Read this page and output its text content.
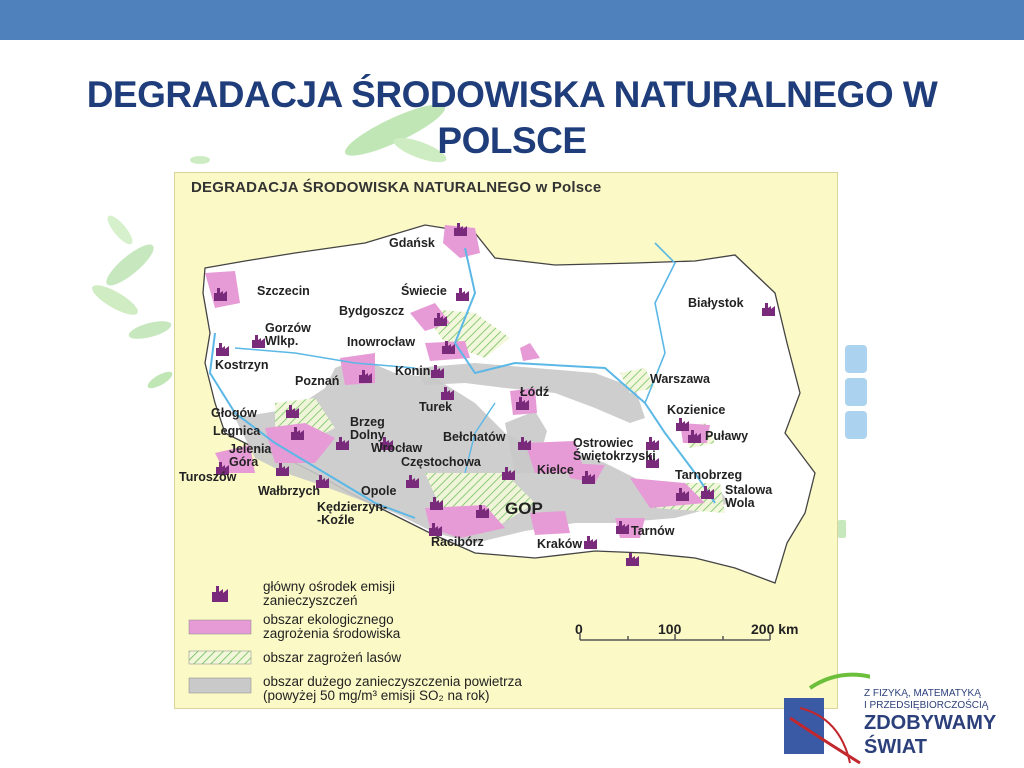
DEGRADACJA ŚRODOWISKA NATURALNEGO W
POLSCE
DEGRADACJA ŚRODOWISKA NATURALNEGO w Polsce
Gdańsk
Szczecin	Świecie
Bydgoszcz
Białystok
Gorzów
Wlkp.	Inowrocław
Kostrzyn	Konin
Poznań
Łódź
Warszawa
Turek
Głogów
Brzeg
Dolny
Kozienice
Legnica	Bełchatów	Puławy
Jelenia
Góra
Wrocław	Ostrowiec
Świętokrzyski
Częstochowa
Kielce
Turoszów	Tarnobrzeg
Wałbrzych	Opole	Stalowa
Wola
Kędzierzyn-
-Koźle
GOP
Tarnów
Racibórz	Kraków
główny ośrodek emisji
zanieczyszczeń
obszar ekologicznego
zagrożenia środowiska
obszar zagrożeń lasów
obszar dużego zanieczyszczenia powietrza
(powyżej 50 mg/m³ emisji SO₂ na rok)
0	100	200 km
Z FIZYKĄ, MATEMATYKĄ
I PRZEDSIĘBIORCZOŚCIĄ
ZDOBYWAMY
ŚWIAT
